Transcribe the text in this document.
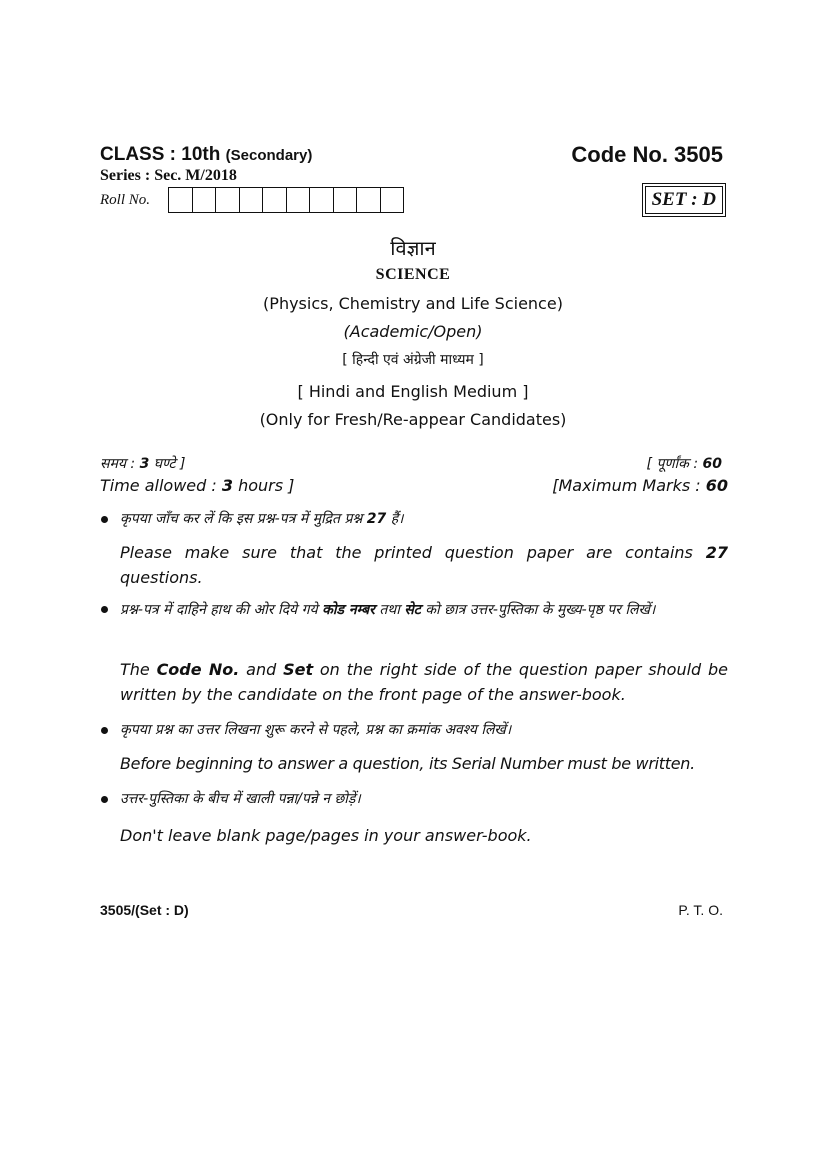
CLASS : 10th (Secondary)	Code No. 3505
Series : Sec. M/2018
Roll No.	SET : D
विज्ञान
SCIENCE
(Physics, Chemistry and Life Science)
(Academic/Open)
[ हिन्दी एवं अंग्रेजी माध्यम ]
[ Hindi and English Medium ]
(Only for Fresh/Re-appear Candidates)
समय : 3 घण्टे ]	[ पूर्णांक : 60
Time allowed : 3 hours ]	[Maximum Marks : 60
कृपया जाँच कर लें कि इस प्रश्न-पत्र में मुद्रित प्रश्न 27 हैं।
Please make sure that the printed question paper are contains 27 questions.
प्रश्न-पत्र में दाहिने हाथ की ओर दिये गये कोड नम्बर तथा सेट को छात्र उत्तर-पुस्तिका के मुख्य-पृष्ठ पर लिखें।
The Code No. and Set on the right side of the question paper should be written by the candidate on the front page of the answer-book.
कृपया प्रश्न का उत्तर लिखना शुरू करने से पहले, प्रश्न का क्रमांक अवश्य लिखें।
Before beginning to answer a question, its Serial Number must be written.
उत्तर-पुस्तिका के बीच में खाली पन्ना/पन्ने न छोड़ें।
Don't leave blank page/pages in your answer-book.
3505/(Set : D)	P. T. O.
